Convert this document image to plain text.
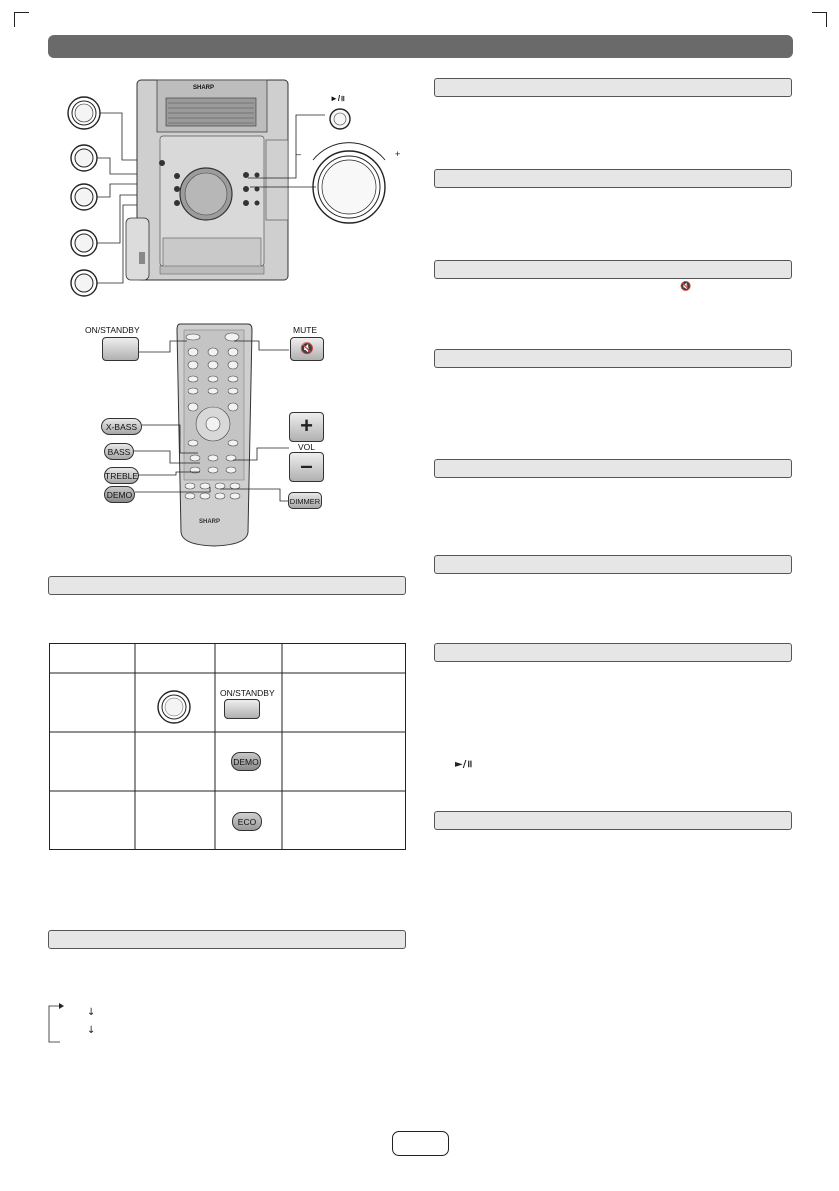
►/॥
–	+
SHARP
SHARP
ON/STANDBY	MUTE
🔇
X-BASS
BASS
TREBLE
DEMO
+
VOL
–
DIMMER
ON/STANDBY
DEMO
ECO
↓
↓
🔇
►/॥
